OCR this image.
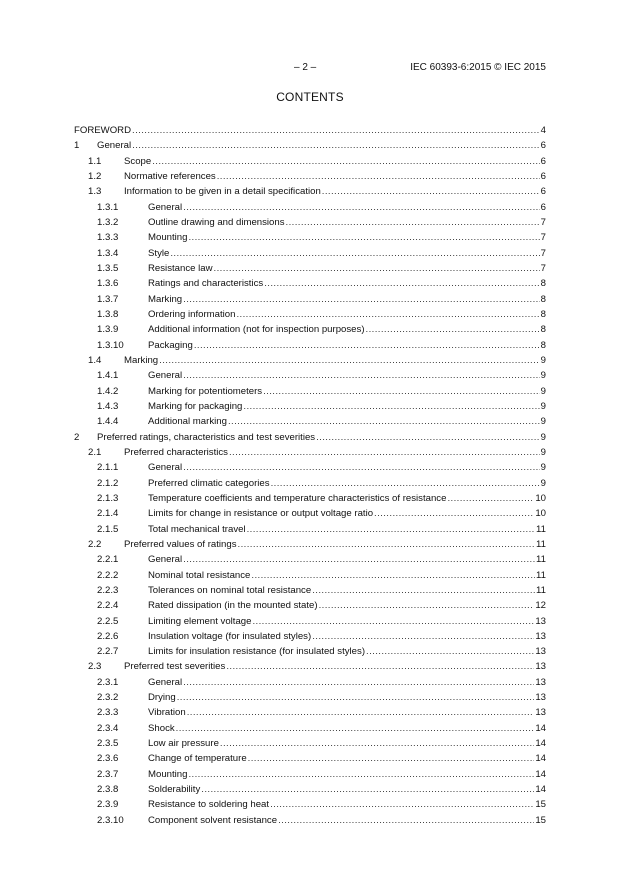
– 2 –	IEC 60393-6:2015 © IEC 2015
CONTENTS
FOREWORD .....	4
1	General .....	6
1.1	Scope .....	6
1.2	Normative references .....	6
1.3	Information to be given in a detail specification .....	6
1.3.1	General .....	6
1.3.2	Outline drawing and dimensions .....	7
1.3.3	Mounting .....	7
1.3.4	Style .....	7
1.3.5	Resistance law .....	7
1.3.6	Ratings and characteristics .....	8
1.3.7	Marking .....	8
1.3.8	Ordering information .....	8
1.3.9	Additional information (not for inspection purposes) .....	8
1.3.10	Packaging .....	8
1.4	Marking .....	9
1.4.1	General .....	9
1.4.2	Marking for potentiometers .....	9
1.4.3	Marking for packaging .....	9
1.4.4	Additional marking .....	9
2	Preferred ratings, characteristics and test severities .....	9
2.1	Preferred characteristics .....	9
2.1.1	General .....	9
2.1.2	Preferred climatic categories .....	9
2.1.3	Temperature coefficients and temperature characteristics of resistance .....	10
2.1.4	Limits for change in resistance or output voltage ratio .....	10
2.1.5	Total mechanical travel .....	11
2.2	Preferred values of ratings .....	11
2.2.1	General .....	11
2.2.2	Nominal total resistance .....	11
2.2.3	Tolerances on nominal total resistance .....	11
2.2.4	Rated dissipation (in the mounted state) .....	12
2.2.5	Limiting element voltage .....	13
2.2.6	Insulation voltage (for insulated styles) .....	13
2.2.7	Limits for insulation resistance (for insulated styles) .....	13
2.3	Preferred test severities .....	13
2.3.1	General .....	13
2.3.2	Drying .....	13
2.3.3	Vibration .....	13
2.3.4	Shock .....	14
2.3.5	Low air pressure .....	14
2.3.6	Change of temperature .....	14
2.3.7	Mounting .....	14
2.3.8	Solderability .....	14
2.3.9	Resistance to soldering heat .....	15
2.3.10	Component solvent resistance .....	15
